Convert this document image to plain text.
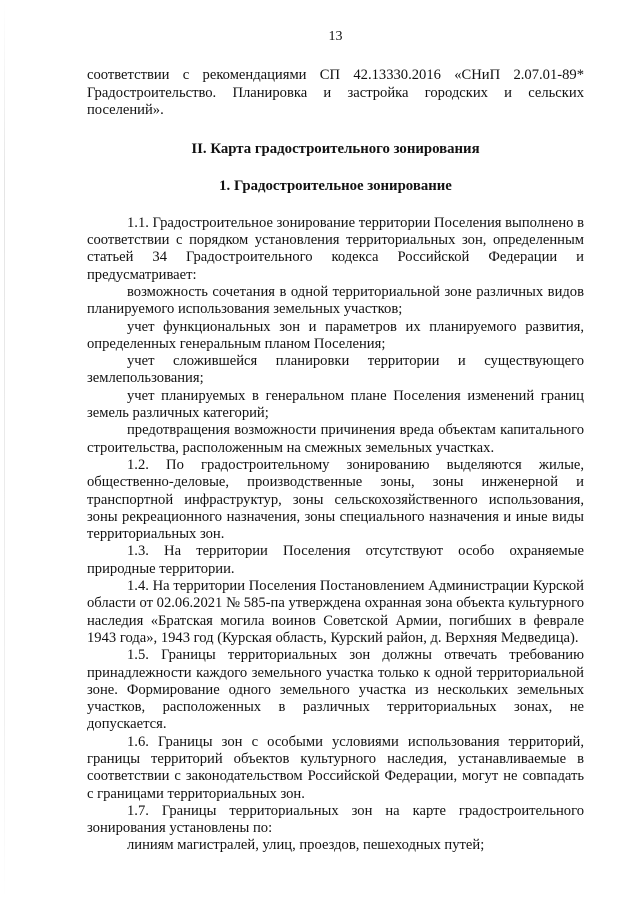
13

соответствии с рекомендациями СП 42.13330.2016 «СНиП 2.07.01-89* Градостроительство. Планировка и застройка городских и сельских поселений».

II. Карта градостроительного зонирования
1. Градостроительное зонирование

1.1. Градостроительное зонирование территории Поселения выполнено в соответствии с порядком установления территориальных зон, определенным статьей 34 Градостроительного кодекса Российской Федерации и предусматривает:

возможность сочетания в одной территориальной зоне различных видов планируемого использования земельных участков;

учет функциональных зон и параметров их планируемого развития, определенных генеральным планом Поселения;

учет сложившейся планировки территории и существующего землепользования;

учет планируемых в генеральном плане Поселения изменений границ земель различных категорий;

предотвращения возможности причинения вреда объектам капитального строительства, расположенным на смежных земельных участках.

1.2. По градостроительному зонированию выделяются жилые, общественно-деловые, производственные зоны, зоны инженерной и транспортной инфраструктур, зоны сельскохозяйственного использования, зоны рекреационного назначения, зоны специального назначения и иные виды территориальных зон.

1.3. На территории Поселения отсутствуют особо охраняемые природные территории.

1.4. На территории Поселения Постановлением Администрации Курской области от 02.06.2021 № 585-па утверждена охранная зона объекта культурного наследия «Братская могила воинов Советской Армии, погибших в феврале 1943 года», 1943 год (Курская область, Курский район, д. Верхняя Медведица).

1.5. Границы территориальных зон должны отвечать требованию принадлежности каждого земельного участка только к одной территориальной зоне. Формирование одного земельного участка из нескольких земельных участков, расположенных в различных территориальных зонах, не допускается.

1.6. Границы зон с особыми условиями использования территорий, границы территорий объектов культурного наследия, устанавливаемые в соответствии с законодательством Российской Федерации, могут не совпадать с границами территориальных зон.

1.7. Границы территориальных зон на карте градостроительного зонирования установлены по:

линиям магистралей, улиц, проездов, пешеходных путей;
